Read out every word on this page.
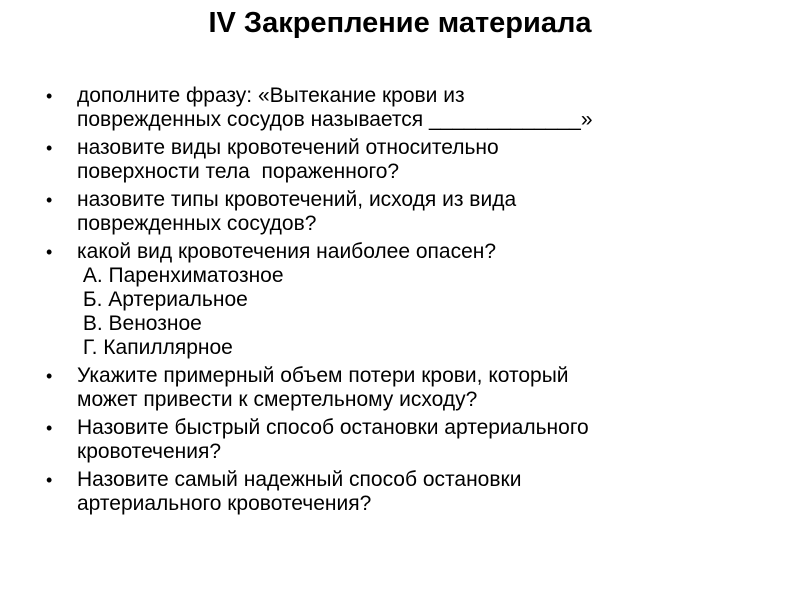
IV Закрепление материала
•	дополните фразу: «Вытекание крови из
поврежденных сосудов называется _____________»
•	назовите виды кровотечений относительно
поверхности тела  пораженного?
•	назовите типы кровотечений, исходя из вида
поврежденных сосудов?
•	какой вид кровотечения наиболее опасен?
А. Паренхиматозное
Б. Артериальное
В. Венозное
Г. Капиллярное
•	Укажите примерный объем потери крови, который
может привести к смертельному исходу?
•	Назовите быстрый способ остановки артериального
кровотечения?
•	Назовите самый надежный способ остановки
артериального кровотечения?
